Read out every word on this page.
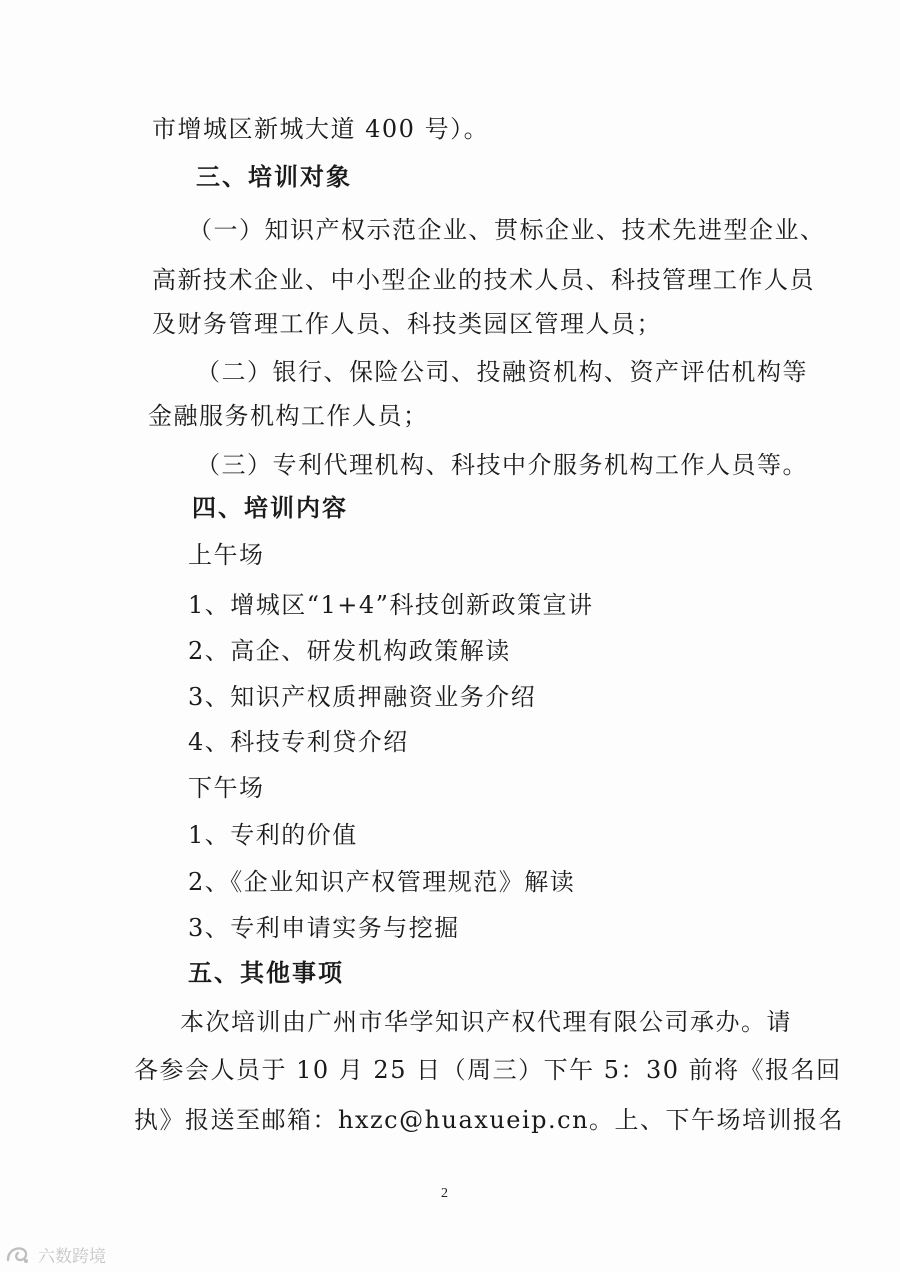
市增城区新城大道 400 号）。
三、培训对象
（一）知识产权示范企业、贯标企业、技术先进型企业、
高新技术企业、中小型企业的技术人员、科技管理工作人员
及财务管理工作人员、科技类园区管理人员；
（二）银行、保险公司、投融资机构、资产评估机构等
金融服务机构工作人员；
（三）专利代理机构、科技中介服务机构工作人员等。
四、培训内容
上午场
1、增城区“1+4”科技创新政策宣讲
2、高企、研发机构政策解读
3、知识产权质押融资业务介绍
4、科技专利贷介绍
下午场
1、专利的价值
2、《企业知识产权管理规范》解读
3、专利申请实务与挖掘
五、其他事项
本次培训由广州市华学知识产权代理有限公司承办。请
各参会人员于 10 月 25 日（周三）下午 5：30 前将《报名回
执》报送至邮箱：hxzc@huaxueip.cn。上、下午场培训报名
2
六数跨境
